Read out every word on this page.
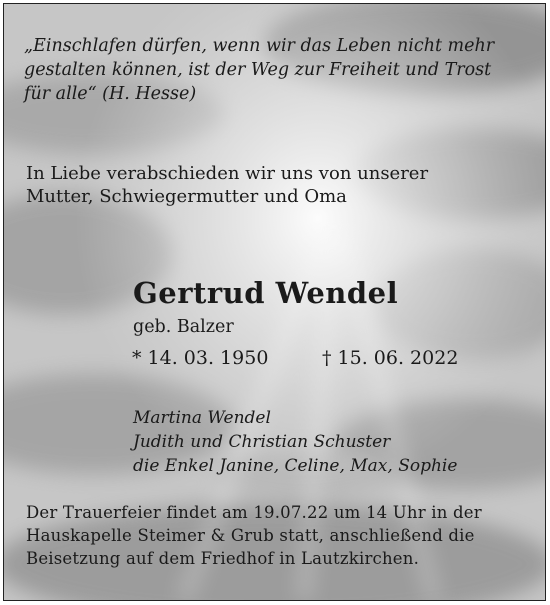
„Einschlafen dürfen, wenn wir das Leben nicht mehr
gestalten können, ist der Weg zur Freiheit und Trost
für alle“ (H. Hesse)

In Liebe verabschieden wir uns von unserer
Mutter, Schwiegermutter und Oma

Gertrud Wendel

geb. Balzer

* 14. 03. 1950	† 15. 06. 2022

Martina Wendel
Judith und Christian Schuster
die Enkel Janine, Celine, Max, Sophie

Der Trauerfeier findet am 19.07.22 um 14 Uhr in der
Hauskapelle Steimer & Grub statt, anschließend die
Beisetzung auf dem Friedhof in Lautzkirchen.
